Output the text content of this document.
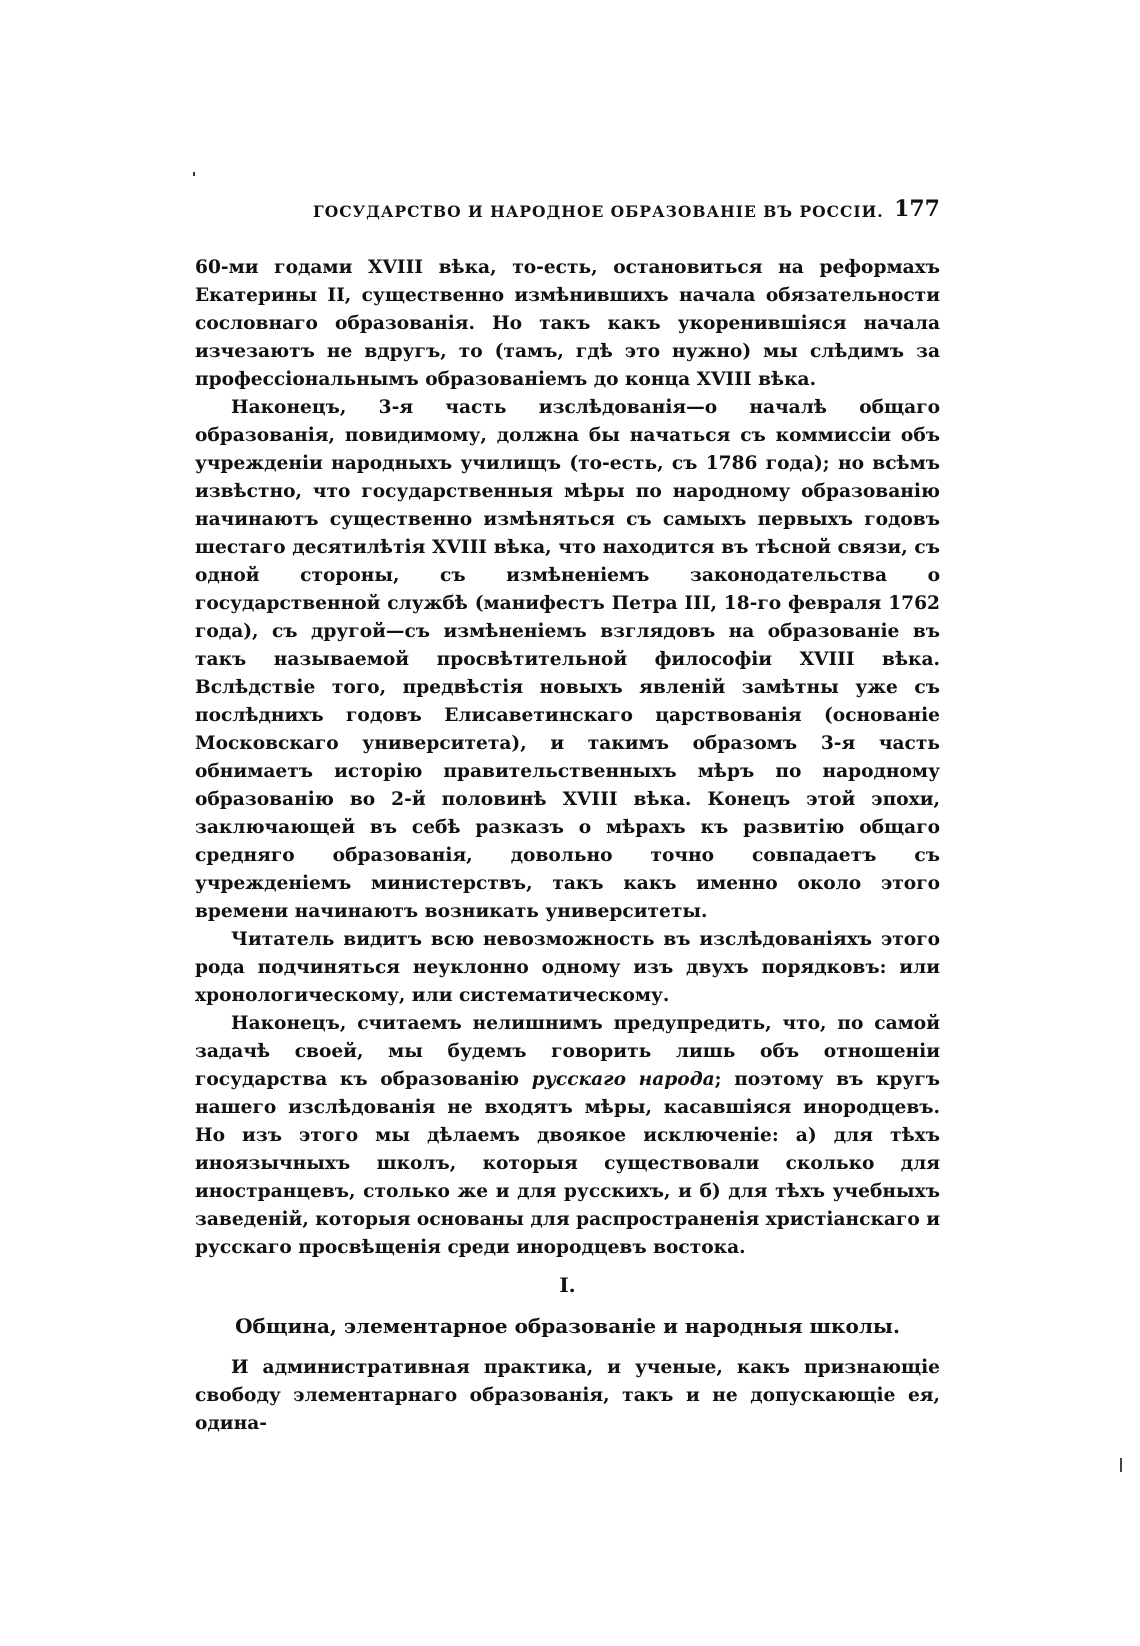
ГОСУДАРСТВО И НАРОДНОЕ ОБРАЗОВАНІЕ ВЪ РОССІИ. 177

60-ми годами XVIII вѣка, то-есть, остановиться на реформахъ Екатерины II, существенно измѣнившихъ начала обязательности сословнаго образованія. Но такъ какъ укоренившіяся начала изчезаютъ не вдругъ, то (тамъ, гдѣ это нужно) мы слѣдимъ за профессіональнымъ образованіемъ до конца XVIII вѣка.

Наконецъ, 3-я часть изслѣдованія—о началѣ общаго образованія, повидимому, должна бы начаться съ коммиссіи объ учрежденіи народныхъ училищъ (то-есть, съ 1786 года); но всѣмъ извѣстно, что государственныя мѣры по народному образованію начинаютъ существенно измѣняться съ самыхъ первыхъ годовъ шестаго десятилѣтія XVIII вѣка, что находится въ тѣсной связи, съ одной стороны, съ измѣненіемъ законодательства о государственной службѣ (манифестъ Петра III, 18-го февраля 1762 года), съ другой—съ измѣненіемъ взглядовъ на образованіе въ такъ называемой просвѣтительной философіи XVIII вѣка. Вслѣдствіе того, предвѣстія новыхъ явленій замѣтны уже съ послѣднихъ годовъ Елисаветинскаго царствованія (основаніе Московскаго университета), и такимъ образомъ 3-я часть обнимаетъ исторію правительственныхъ мѣръ по народному образованію во 2-й половинѣ XVIII вѣка. Конецъ этой эпохи, заключающей въ себѣ разказъ о мѣрахъ къ развитію общаго средняго образованія, довольно точно совпадаетъ съ учрежденіемъ министерствъ, такъ какъ именно около этого времени начинаютъ возникать университеты.

Читатель видитъ всю невозможность въ изслѣдованіяхъ этого рода подчиняться неуклонно одному изъ двухъ порядковъ: или хронологическому, или систематическому.

Наконецъ, считаемъ нелишнимъ предупредить, что, по самой задачѣ своей, мы будемъ говорить лишь объ отношеніи государства къ образованію русскаго народа; поэтому въ кругъ нашего изслѣдованія не входятъ мѣры, касавшіяся инородцевъ. Но изъ этого мы дѣлаемъ двоякое исключеніе: а) для тѣхъ иноязычныхъ школъ, которыя существовали сколько для иностранцевъ, столько же и для русскихъ, и б) для тѣхъ учебныхъ заведеній, которыя основаны для распространенія христіанскаго и русскаго просвѣщенія среди инородцевъ востока.

I.
Община, элементарное образованіе и народныя школы.

И административная практика, и ученые, какъ признающіе свободу элементарнаго образованія, такъ и не допускающіе ея, одина-
